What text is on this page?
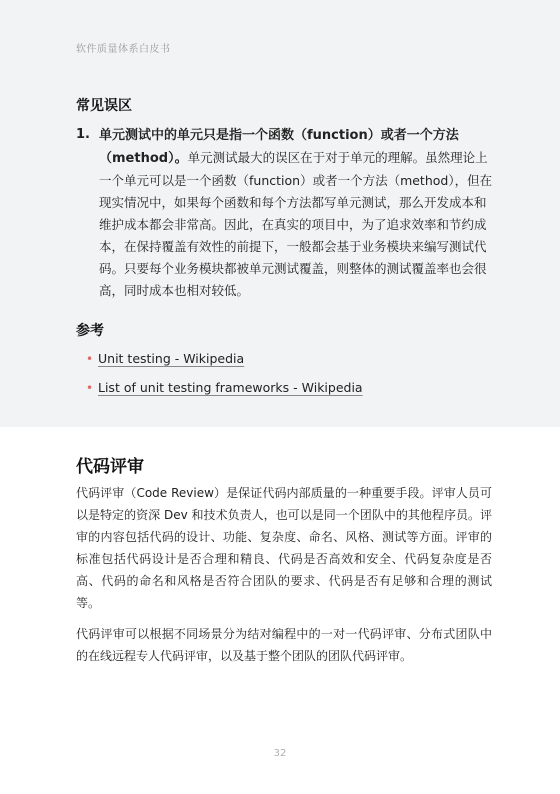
软件质量体系白皮书
常见误区
1. 单元测试中的单元只是指一个函数（function）或者一个方法（method）。单元测试最大的误区在于对于单元的理解。虽然理论上一个单元可以是一个函数（function）或者一个方法（method），但在现实情况中，如果每个函数和每个方法都写单元测试，那么开发成本和维护成本都会非常高。因此，在真实的项目中，为了追求效率和节约成本，在保持覆盖有效性的前提下，一般都会基于业务模块来编写测试代码。只要每个业务模块都被单元测试覆盖，则整体的测试覆盖率也会很高，同时成本也相对较低。
参考
• Unit testing - Wikipedia
• List of unit testing frameworks - Wikipedia
代码评审
代码评审（Code Review）是保证代码内部质量的一种重要手段。评审人员可以是特定的资深 Dev 和技术负责人，也可以是同一个团队中的其他程序员。评审的内容包括代码的设计、功能、复杂度、命名、风格、测试等方面。评审的标准包括代码设计是否合理和精良、代码是否高效和安全、代码复杂度是否高、代码的命名和风格是否符合团队的要求、代码是否有足够和合理的测试等。
代码评审可以根据不同场景分为结对编程中的一对一代码评审、分布式团队中的在线远程专人代码评审，以及基于整个团队的团队代码评审。
32
